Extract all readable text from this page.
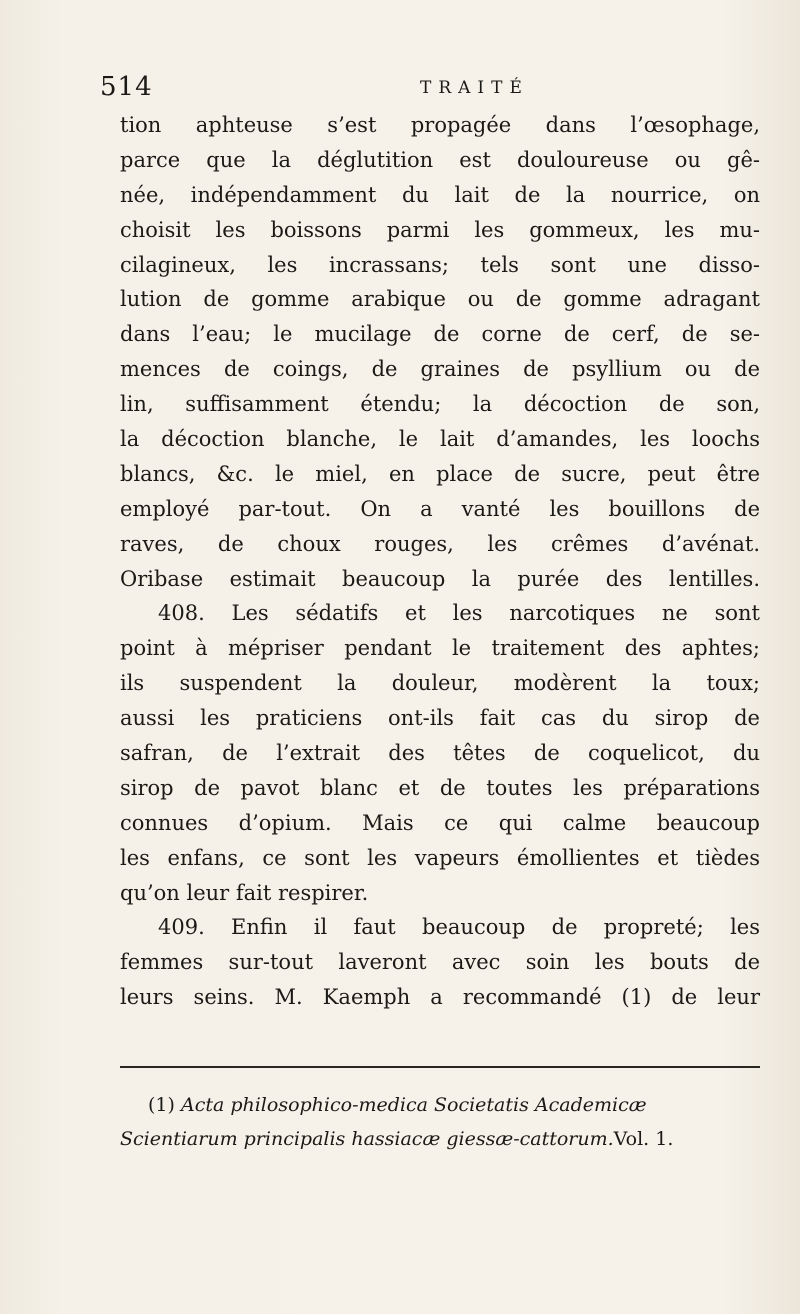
514	TRAITÉ
tion aphteuse s’est propagée dans l’œsophage,
parce que la déglutition est douloureuse ou gê-
née, indépendamment du lait de la nourrice, on
choisit les boissons parmi les gommeux, les mu-
cilagineux, les incrassans; tels sont une disso-
lution de gomme arabique ou de gomme adragant
dans l’eau; le mucilage de corne de cerf, de se-
mences de coings, de graines de psyllium ou de
lin, suffisamment étendu; la décoction de son,
la décoction blanche, le lait d’amandes, les loochs
blancs, &c. le miel, en place de sucre, peut être
employé par-tout. On a vanté les bouillons de
raves, de choux rouges, les crêmes d’avénat.
Oribase estimait beaucoup la purée des lentilles.
408. Les sédatifs et les narcotiques ne sont
point à mépriser pendant le traitement des aphtes;
ils suspendent la douleur, modèrent la toux;
aussi les praticiens ont-ils fait cas du sirop de
safran, de l’extrait des têtes de coquelicot, du
sirop de pavot blanc et de toutes les préparations
connues d’opium. Mais ce qui calme beaucoup
les enfans, ce sont les vapeurs émollientes et tièdes
qu’on leur fait respirer.
409. Enfin il faut beaucoup de propreté; les
femmes sur-tout laveront avec soin les bouts de
leurs seins. M. Kaemph a recommandé (1) de leur
(1) Acta philosophico-medica Societatis Academicæ
Scientiarum principalis hassiacæ giessæ-cattorum.Vol. 1.
